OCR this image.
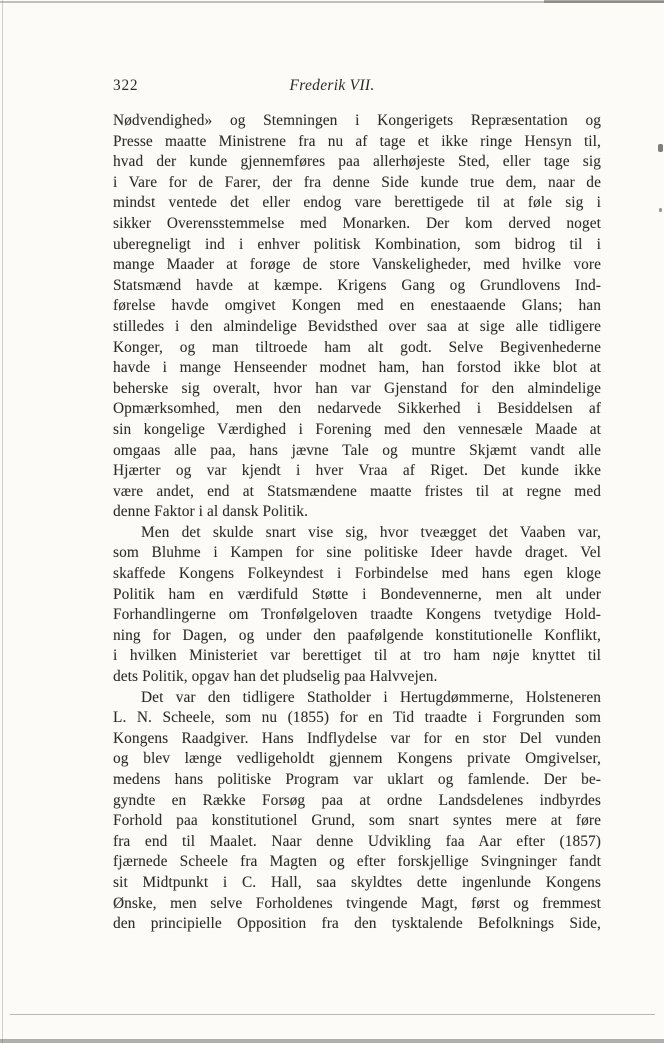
322	Frederik VII.
Nødvendighed» og Stemningen i Kongerigets Repræsentation og
Presse maatte Ministrene fra nu af tage et ikke ringe Hensyn til,
hvad der kunde gjennemføres paa allerhøjeste Sted, eller tage sig
i Vare for de Farer, der fra denne Side kunde true dem, naar de
mindst ventede det eller endog vare berettigede til at føle sig i
sikker Overensstemmelse med Monarken. Der kom derved noget
uberegneligt ind i enhver politisk Kombination, som bidrog til i
mange Maader at forøge de store Vanskeligheder, med hvilke vore
Statsmænd havde at kæmpe. Krigens Gang og Grundlovens Ind-
førelse havde omgivet Kongen med en enestaaende Glans; han
stilledes i den almindelige Bevidsthed over saa at sige alle tidligere
Konger, og man tiltroede ham alt godt. Selve Begivenhederne
havde i mange Henseender modnet ham, han forstod ikke blot at
beherske sig overalt, hvor han var Gjenstand for den almindelige
Opmærksomhed, men den nedarvede Sikkerhed i Besiddelsen af
sin kongelige Værdighed i Forening med den vennesæle Maade at
omgaas alle paa, hans jævne Tale og muntre Skjæmt vandt alle
Hjærter og var kjendt i hver Vraa af Riget. Det kunde ikke
være andet, end at Statsmændene maatte fristes til at regne med
denne Faktor i al dansk Politik.
Men det skulde snart vise sig, hvor tveægget det Vaaben var,
som Bluhme i Kampen for sine politiske Ideer havde draget. Vel
skaffede Kongens Folkeyndest i Forbindelse med hans egen kloge
Politik ham en værdifuld Støtte i Bondevennerne, men alt under
Forhandlingerne om Tronfølgeloven traadte Kongens tvetydige Hold-
ning for Dagen, og under den paafølgende konstitutionelle Konflikt,
i hvilken Ministeriet var berettiget til at tro ham nøje knyttet til
dets Politik, opgav han det pludselig paa Halvvejen.
Det var den tidligere Statholder i Hertugdømmerne, Holsteneren
L. N. Scheele, som nu (1855) for en Tid traadte i Forgrunden som
Kongens Raadgiver. Hans Indflydelse var for en stor Del vunden
og blev længe vedligeholdt gjennem Kongens private Omgivelser,
medens hans politiske Program var uklart og famlende. Der be-
gyndte en Række Forsøg paa at ordne Landsdelenes indbyrdes
Forhold paa konstitutionel Grund, som snart syntes mere at føre
fra end til Maalet. Naar denne Udvikling faa Aar efter (1857)
fjærnede Scheele fra Magten og efter forskjellige Svingninger fandt
sit Midtpunkt i C. Hall, saa skyldtes dette ingenlunde Kongens
Ønske, men selve Forholdenes tvingende Magt, først og fremmest
den principielle Opposition fra den tysktalende Befolknings Side,
